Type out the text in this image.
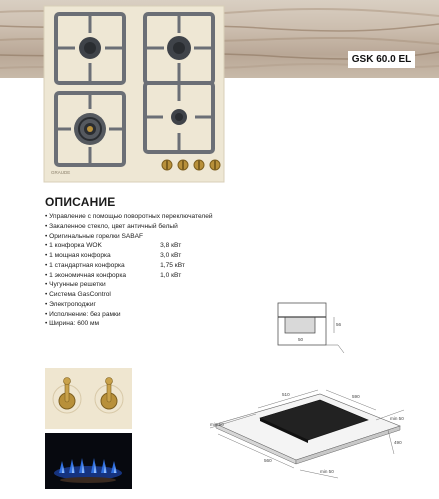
GSK 60.0 EL
GRAUDE
ОПИСАНИЕ
• Управление с помощью поворотных переключателей
• Закаленное стекло, цвет античный белый
• Оригинальные горелки SABAF
• 1 конфорка WOK	3,8 кВт
• 1 мощная конфорка	3,0 кВт
• 1 стандартная конфорка	1,75 кВт
• 1 экономичная конфорка	1,0 кВт
• Чугунные решетки
• Система GasControl
• Электроподжиг
• Исполнение: без рамки
• Ширина: 600 мм	56
50
510	590
min 50
min 50
490
560
min 50
